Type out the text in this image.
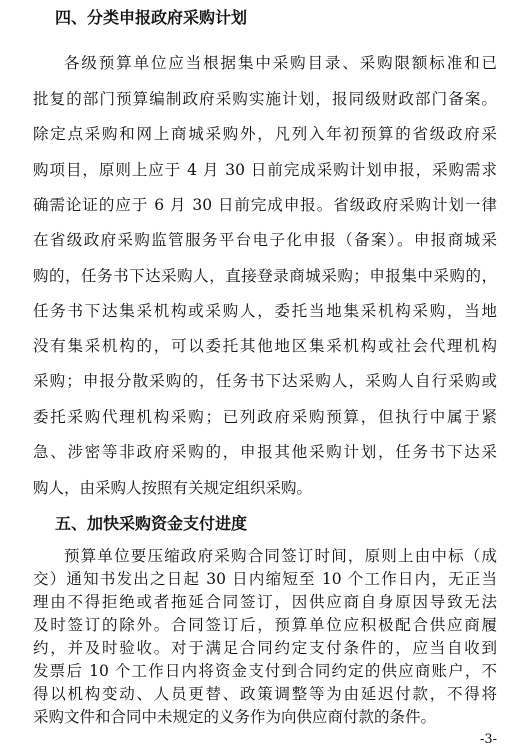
四、分类申报政府采购计划
各级预算单位应当根据集中采购目录、采购限额标准和已
批复的部门预算编制政府采购实施计划，报同级财政部门备案。
除定点采购和网上商城采购外，凡列入年初预算的省级政府采
购项目，原则上应于 4 月 30 日前完成采购计划申报，采购需求
确需论证的应于 6 月 30 日前完成申报。省级政府采购计划一律
在省级政府采购监管服务平台电子化申报（备案）。申报商城采
购的，任务书下达采购人，直接登录商城采购；申报集中采购的，
任务书下达集采机构或采购人，委托当地集采机构采购，当地
没有集采机构的，可以委托其他地区集采机构或社会代理机构
采购；申报分散采购的，任务书下达采购人，采购人自行采购或
委托采购代理机构采购；已列政府采购预算，但执行中属于紧
急、涉密等非政府采购的，申报其他采购计划，任务书下达采
购人，由采购人按照有关规定组织采购。
五、加快采购资金支付进度
-3-
预算单位要压缩政府采购合同签订时间，原则上由中标（成
交）通知书发出之日起 30 日内缩短至 10 个工作日内，无正当
理由不得拒绝或者拖延合同签订，因供应商自身原因导致无法
及时签订的除外。合同签订后，预算单位应积极配合供应商履
约，并及时验收。对于满足合同约定支付条件的，应当自收到
发票后 10 个工作日内将资金支付到合同约定的供应商账户，不
得以机构变动、人员更替、政策调整等为由延迟付款，不得将
采购文件和合同中未规定的义务作为向供应商付款的条件。
